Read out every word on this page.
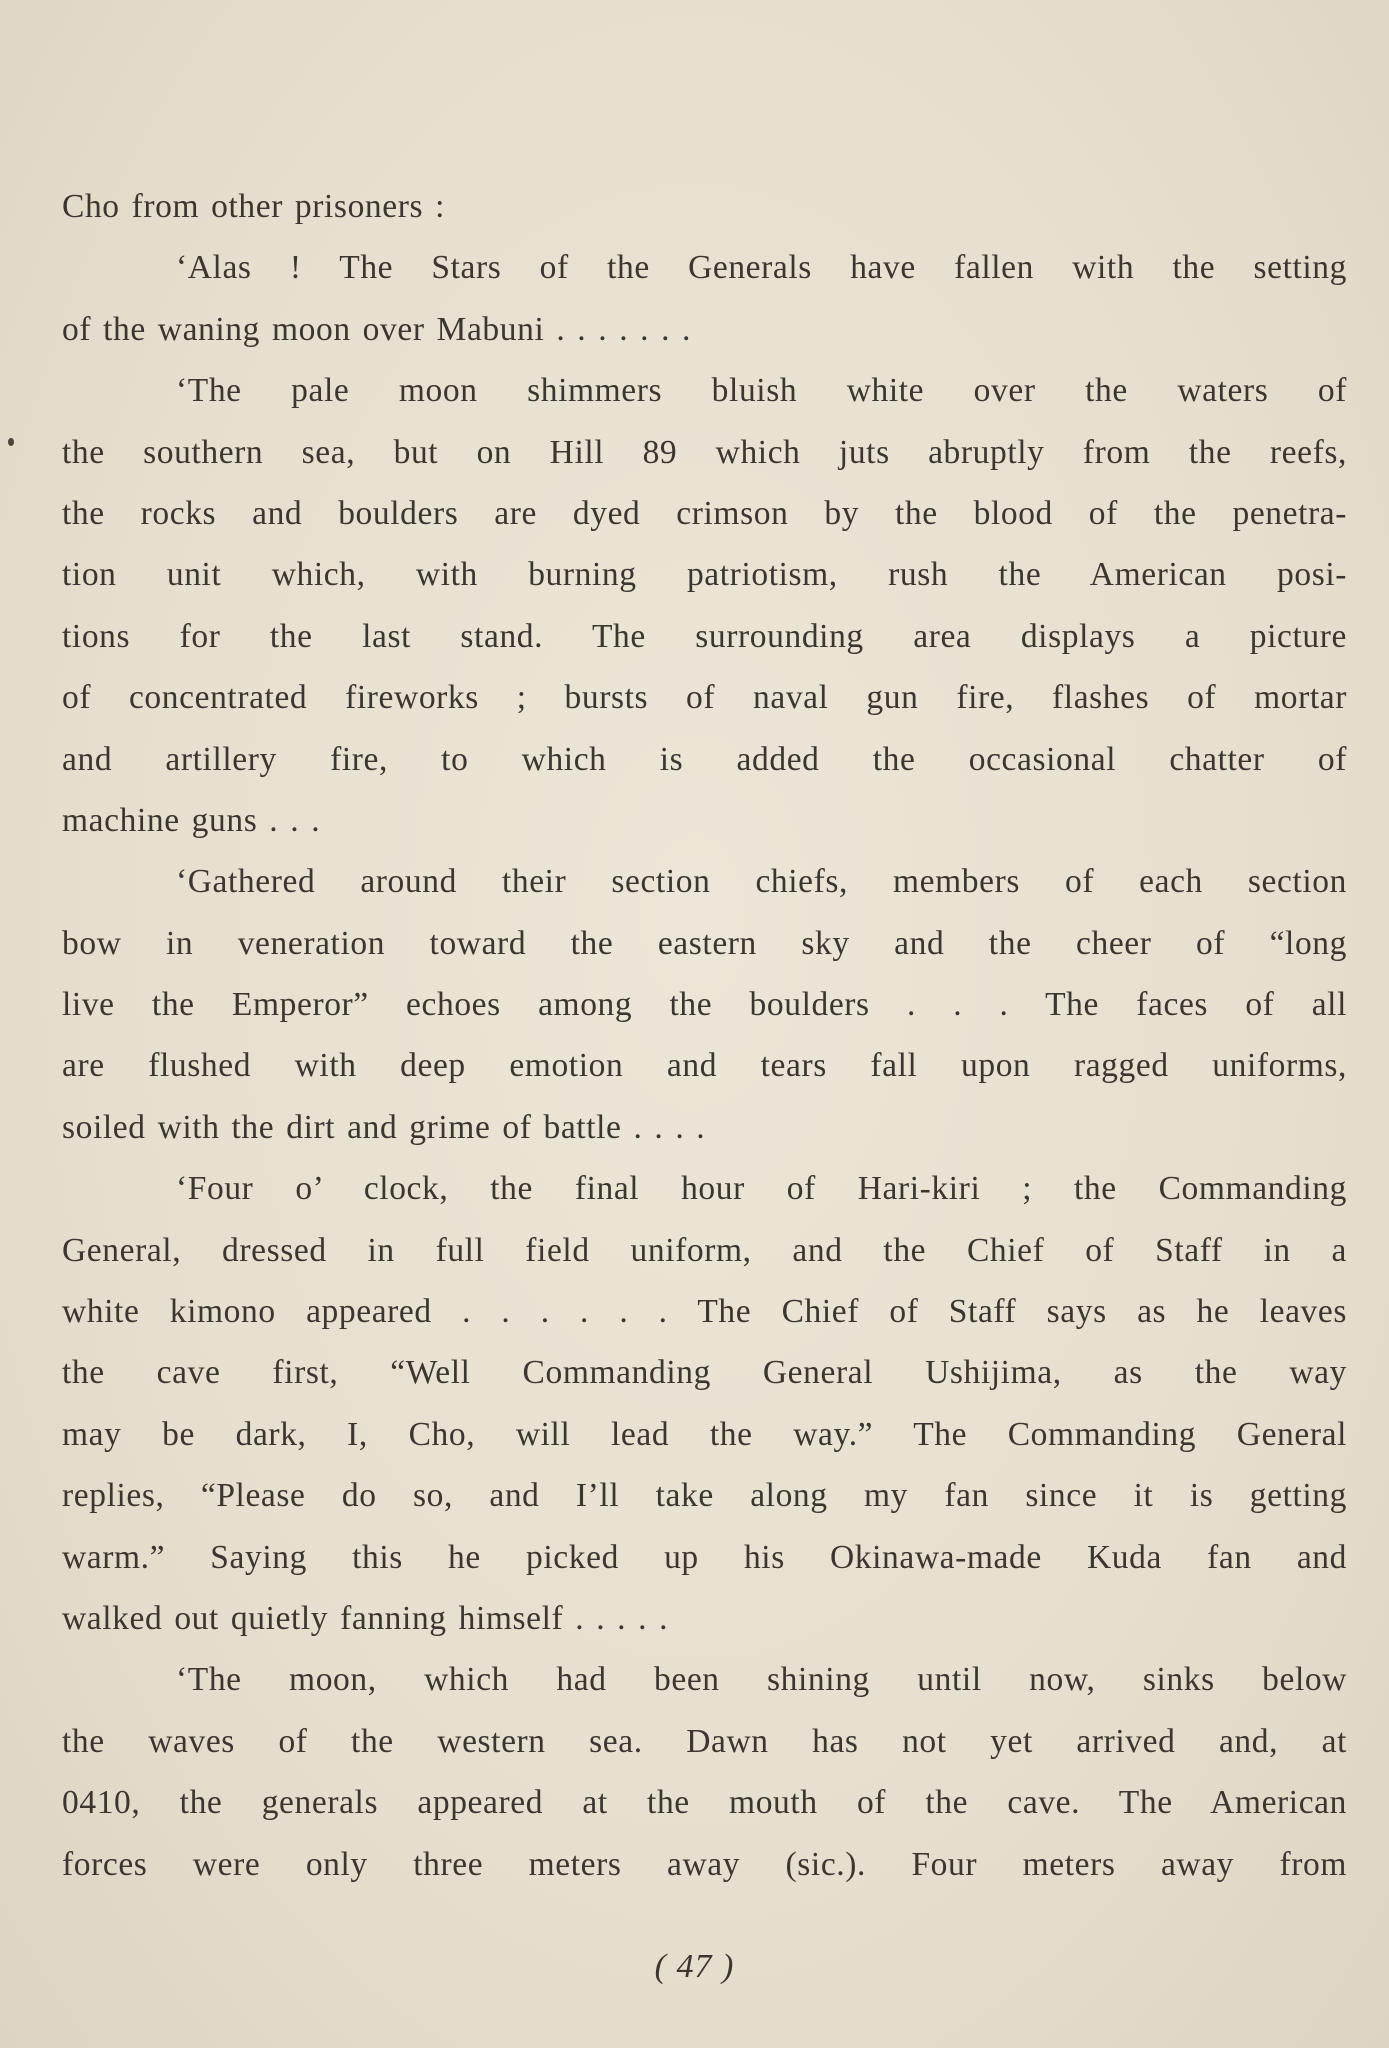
Cho from other prisoners :
‘Alas ! The Stars of the Generals have fallen with the setting
of the waning moon over Mabuni . . . . . . .
‘The pale moon shimmers bluish white over the waters of
the southern sea, but on Hill 89 which juts abruptly from the reefs,
the rocks and boulders are dyed crimson by the blood of the penetra-
tion unit which, with burning patriotism, rush the American posi-
tions for the last stand. The surrounding area displays a picture
of concentrated fireworks ; bursts of naval gun fire, flashes of mortar
and artillery fire, to which is added the occasional chatter of
machine guns . . .
‘Gathered around their section chiefs, members of each section
bow in veneration toward the eastern sky and the cheer of “long
live the Emperor” echoes among the boulders . . . The faces of all
are flushed with deep emotion and tears fall upon ragged uniforms,
soiled with the dirt and grime of battle . . . .
‘Four o’ clock, the final hour of Hari-kiri ; the Commanding
General, dressed in full field uniform, and the Chief of Staff in a
white kimono appeared . . . . . . The Chief of Staff says as he leaves
the cave first, “Well Commanding General Ushijima, as the way
may be dark, I, Cho, will lead the way.” The Commanding General
replies, “Please do so, and I’ll take along my fan since it is getting
warm.” Saying this he picked up his Okinawa-made Kuda fan and
walked out quietly fanning himself . . . . .
‘The moon, which had been shining until now, sinks below
the waves of the western sea. Dawn has not yet arrived and, at
0410, the generals appeared at the mouth of the cave. The American
forces were only three meters away (sic.). Four meters away from
( 47 )
